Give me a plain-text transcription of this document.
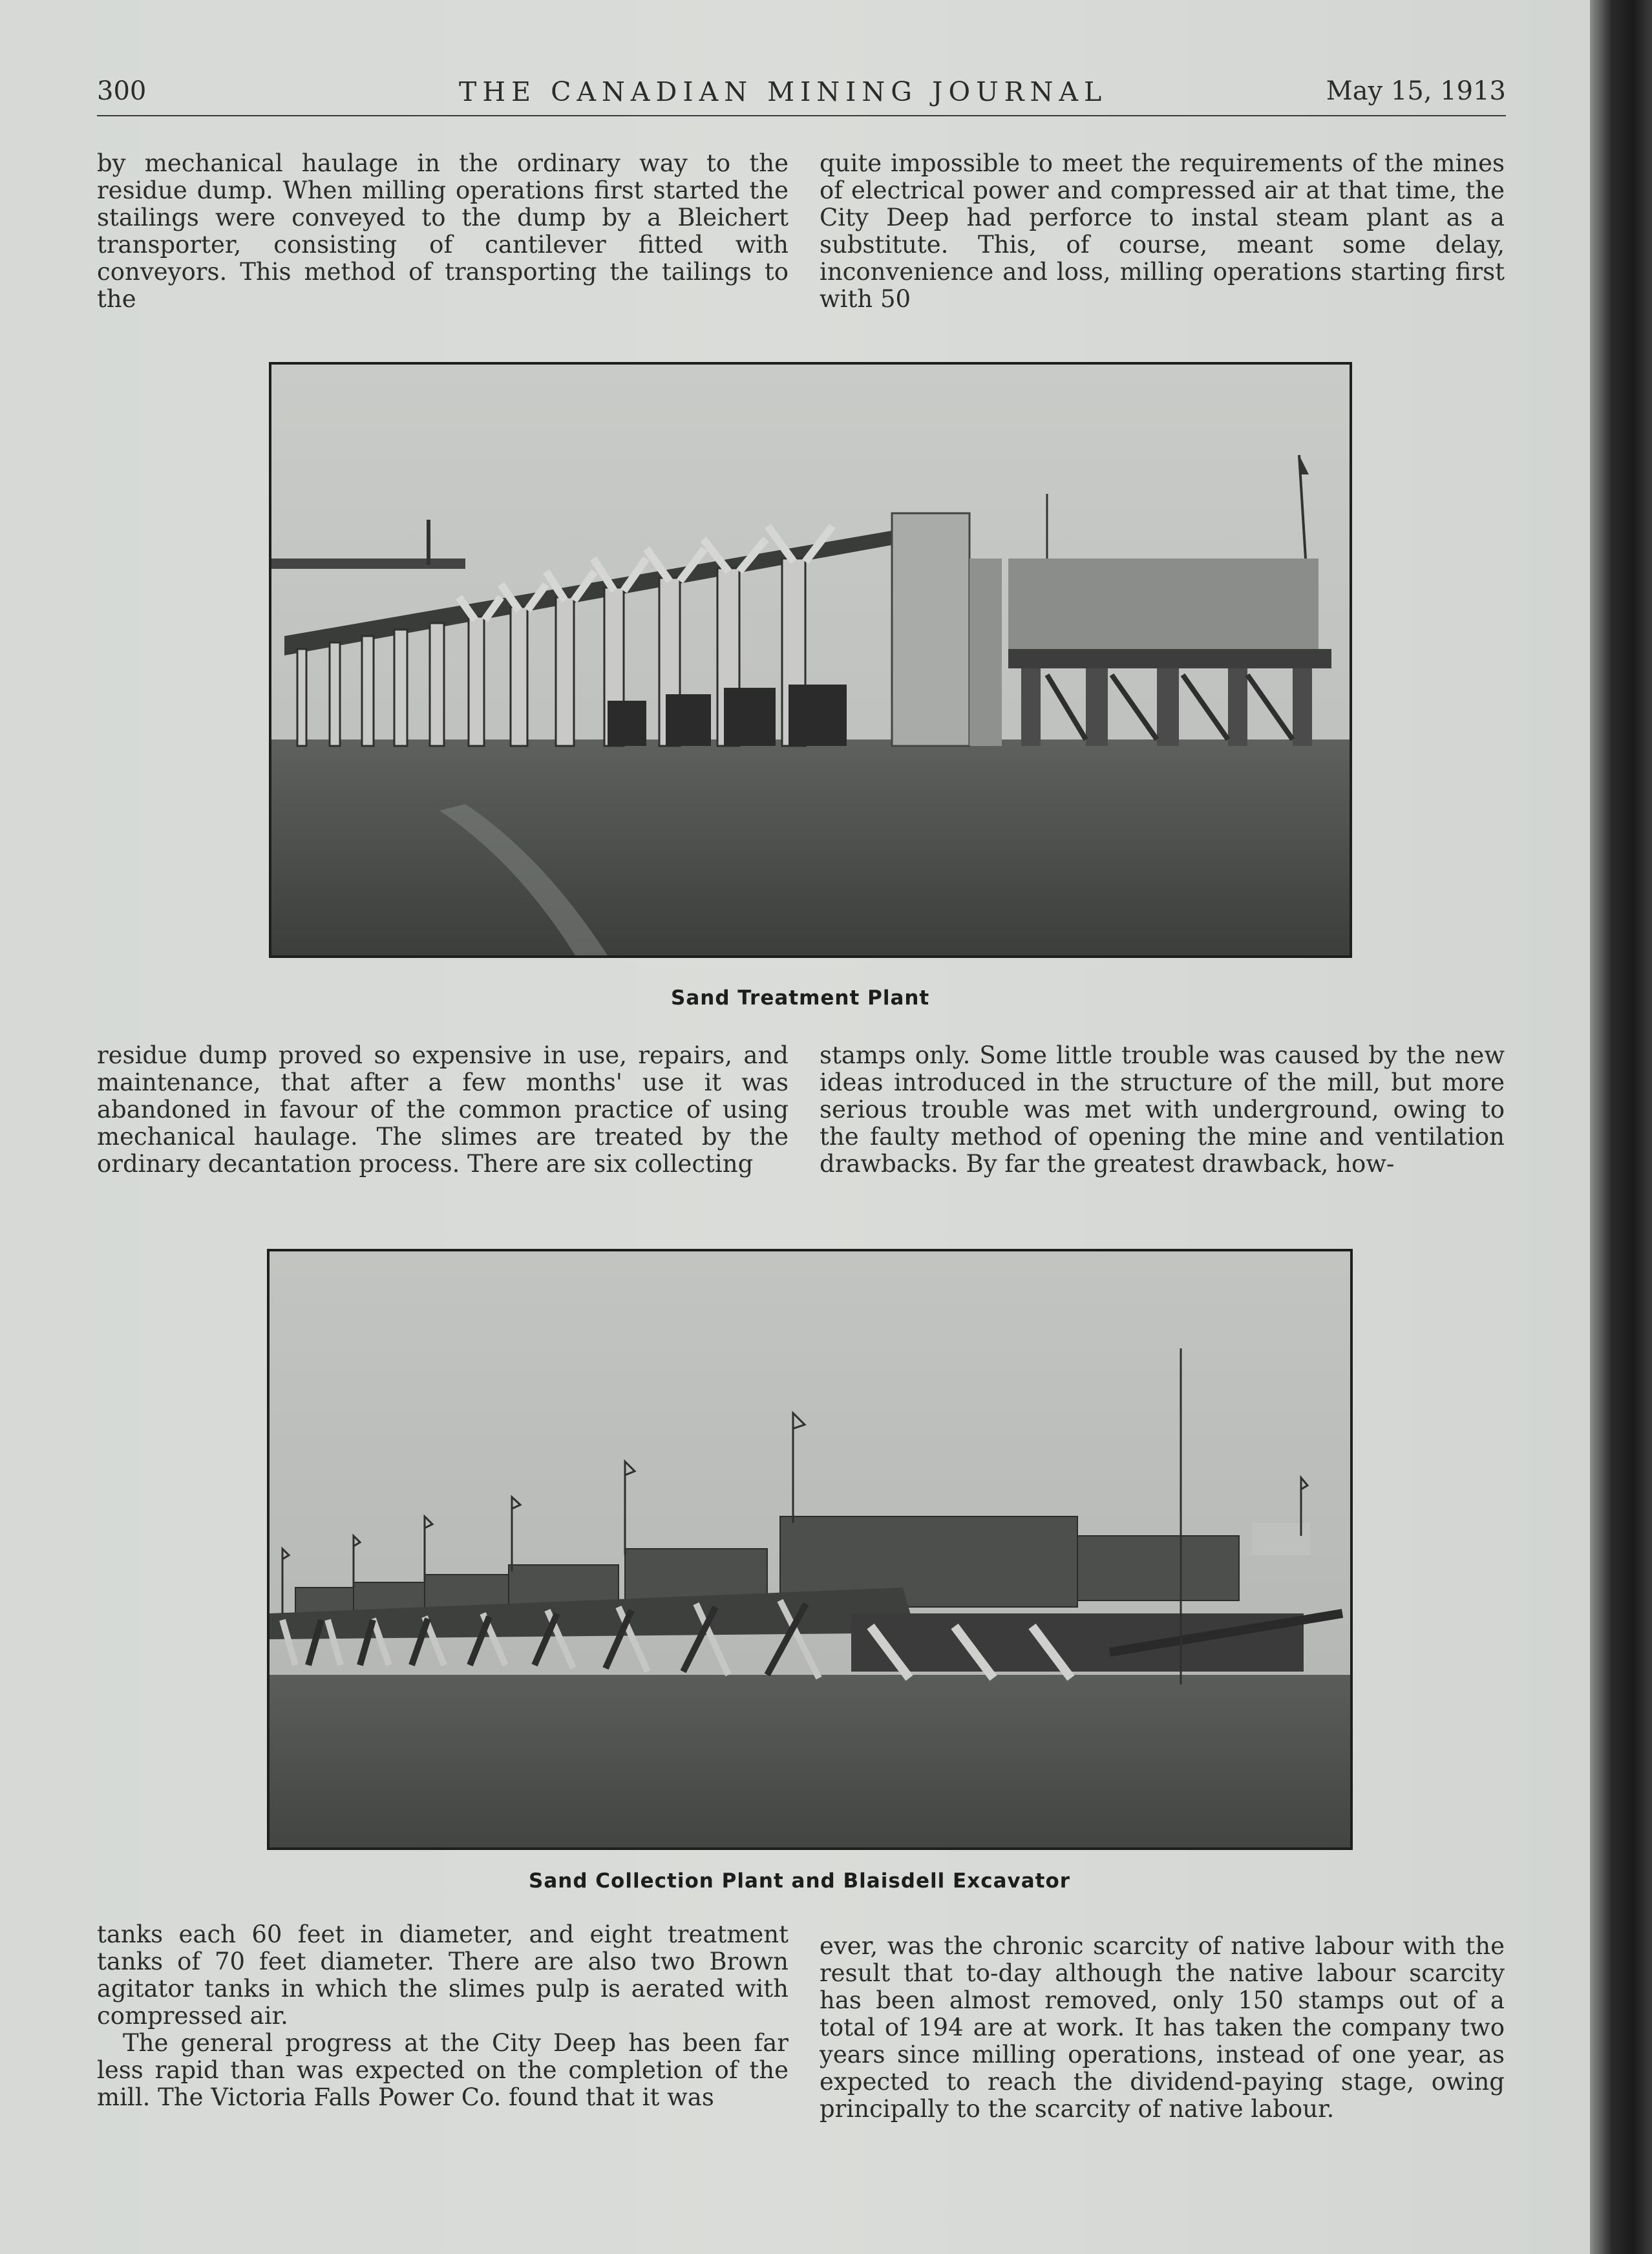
300	THE CANADIAN MINING JOURNAL	May 15, 1913

by mechanical haulage in the ordinary way to the residue dump. When milling operations first started the stailings were conveyed to the dump by a Bleichert transporter, consisting of cantilever fitted with conveyors. This method of transporting the tailings to the

quite impossible to meet the requirements of the mines of electrical power and compressed air at that time, the City Deep had perforce to instal steam plant as a substitute. This, of course, meant some delay, inconvenience and loss, milling operations starting first with 50

Sand Treatment Plant

residue dump proved so expensive in use, repairs, and maintenance, that after a few months' use it was abandoned in favour of the common practice of using mechanical haulage. The slimes are treated by the ordinary decantation process. There are six collecting

stamps only. Some little trouble was caused by the new ideas introduced in the structure of the mill, but more serious trouble was met with underground, owing to the faulty method of opening the mine and ventilation drawbacks. By far the greatest drawback, how-

Sand Collection Plant and Blaisdell Excavator

tanks each 60 feet in diameter, and eight treatment tanks of 70 feet diameter. There are also two Brown agitator tanks in which the slimes pulp is aerated with compressed air.

The general progress at the City Deep has been far less rapid than was expected on the completion of the mill. The Victoria Falls Power Co. found that it was

ever, was the chronic scarcity of native labour with the result that to-day although the native labour scarcity has been almost removed, only 150 stamps out of a total of 194 are at work. It has taken the company two years since milling operations, instead of one year, as expected to reach the dividend-paying stage, owing principally to the scarcity of native labour.
